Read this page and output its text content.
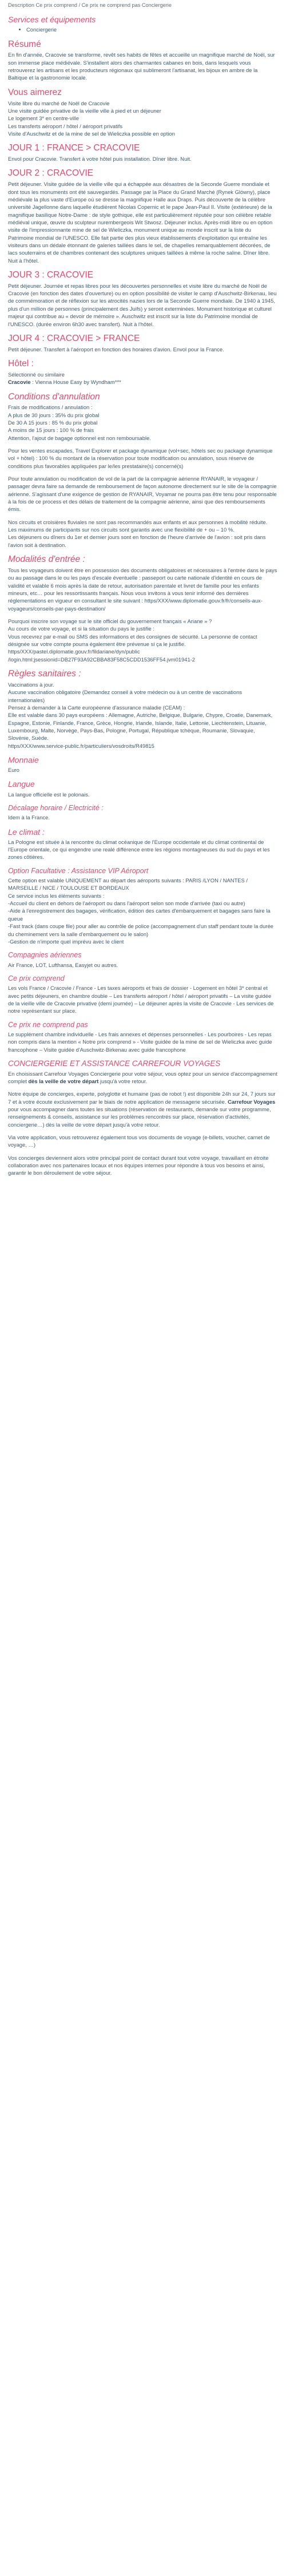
Description Ce prix comprend / Ce prix ne comprend pas Conciergerie
Services et équipements
• Conciergerie
Résumé

En fin d'année, Cracovie se transforme, revêt ses habits de fêtes et accueille un magnifique marché de Noël, sur son immense place médiévale. S'installent alors des charmantes cabanes en bois, dans lesquels vous retrouverez les artisans et les producteurs régionaux qui sublimeront l'artisanat, les bijoux en ambre de la Baltique et la gastronomie locale.

Vous aimerez

Visite libre du marché de Noël de Cracovie
Une visite guidée privative de la vieille ville à pied et un déjeuner
Le logement 3* en centre-ville
Les transferts aéroport / hôtel / aéroport privatifs
Visite d'Auschwitz et de la mine de sel de Wieliczka possible en option

JOUR 1 : FRANCE > CRACOVIE

Envol pour Cracovie. Transfert à votre hôtel puis installation. Dîner libre. Nuit.

JOUR 2 : CRACOVIE

Petit déjeuner. Visite guidée de la vieille ville qui a échappée aux désastres de la Seconde Guerre mondiale et dont tous les monuments ont été sauvegardés. Passage par la Place du Grand Marché (Rynek Glówny), place médiévale la plus vaste d'Europe où se dresse la magnifique Halle aux Draps. Puis découverte de la célèbre université Jagellonne dans laquelle étudièrent Nicolas Copernic et le pape Jean-Paul II. Visite (extérieure) de la magnifique basilique Notre-Dame : de style gothique, elle est particulièrement réputée pour son célèbre retable médiéval unique, œuvre du sculpteur nurembergeois Wit Stwosz. Déjeuner inclus. Après-midi libre ou en option visite de l'impressionnante mine de sel de Wieliczka, monument unique au monde inscrit sur la liste du Patrimoine mondial de l'UNESCO. Elle fait partie des plus vieux établissements d'exploitation qui entraîne les visiteurs dans un dédale étonnant de galeries taillées dans le sel, de chapelles remarquablement décorées, de lacs souterrains et de chambres contenant des sculptures uniques taillées à même la roche saline. Dîner libre. Nuit à l'hôtel.

JOUR 3 : CRACOVIE

Petit déjeuner. Journée et repas libres pour les découvertes personnelles et visite libre du marché de Noël de Cracovie (en fonction des dates d'ouverture) ou en option possibilité de visiter le camp d'Auschwitz-Birkenau, lieu de commémoration et de réflexion sur les atrocités nazies lors de la Seconde Guerre mondiale. De 1940 à 1945, plus d'un million de personnes (principalement des Juifs) y seront exterminées. Monument historique et culturel majeur qui contribue au « devoir de mémoire ». Auschwitz est inscrit sur la liste du Patrimoine mondial de l'UNESCO. (durée environ 6h30 avec transfert). Nuit à l'hôtel.

JOUR 4 : CRACOVIE > FRANCE

Petit déjeuner. Transfert à l'aéroport en fonction des horaires d'avion. Envol pour la France.

Hôtel :

Sélectionné ou similaire
Cracovie : Vienna House Easy by Wyndham***

Conditions d'annulation

Frais de modifications / annulation :
A plus de 30 jours : 35% du prix global
De 30 A 15 jours : 85 % du prix global
A moins de 15 jours : 100 % de frais
Attention, l'ajout de bagage optionnel est non remboursable.

Pour les ventes escapades, Travel Explorer et package dynamique (vol+sec, hôtels sec ou package dynamique vol + hôtel) : 100 % du montant de la réservation pour toute modification ou annulation, sous réserve de conditions plus favorables appliquées par le/les prestataire(s) concerné(s)

Pour toute annulation ou modification de vol de la part de la compagnie aérienne RYANAIR, le voyageur / passager devra faire sa demande de remboursement de façon autonome directement sur le site de la compagnie aérienne. S'agissant d'une exigence de gestion de RYANAIR, Voyamar ne pourra pas être tenu pour responsable à la fois de ce process et des délais de traitement de la compagnie aérienne, ainsi que des remboursements émis.

Nos circuits et croisières fluviales ne sont pas recommandés aux enfants et aux personnes à mobilité réduite.
Les maximums de participants sur nos circuits sont garantis avec une flexibilité de + ou – 10 %.
Les déjeuners ou dîners du 1er et dernier jours sont en fonction de l'heure d'arrivée de l'avion : soit pris dans l'avion soit à destination.

Modalités d'entrée :

Tous les voyageurs doivent être en possession des documents obligatoires et nécessaires à l'entrée dans le pays ou au passage dans le ou les pays d'escale éventuelle : passeport ou carte nationale d'identité en cours de validité et valable 6 mois après la date de retour, autorisation parentale et livret de famille pour les enfants mineurs, etc… pour les ressortissants français. Nous vous invitons à vous tenir informé des dernières réglementations en vigueur en consultant le site suivant : https/XXX/www.diplomatie.gouv.fr/fr/conseils-aux-voyageurs/conseils-par-pays-destination/

Pourquoi inscrire son voyage sur le site officiel du gouvernement français « Ariane » ?
Au cours de votre voyage, et si la situation du pays le justifie :
Vous recevrez par e-mail ou SMS des informations et des consignes de sécurité. La personne de contact désignée sur votre compte pourra également être prévenue si ça le justifie.
https/XXX/pastel.diplomatie.gouv.fr/fildariane/dyn/public /login.html;jsessionid=DB27F93A92CBBA83F58C5CDD1536FF54.jvm01941-2

Règles sanitaires :

Vaccinations à jour.
Aucune vaccination obligatoire (Demandez conseil à votre médecin ou à un centre de vaccinations internationales)
Pensez à demander à la Carte européenne d'assurance maladie (CEAM) :
Elle est valable dans 30 pays européens : Allemagne, Autriche, Belgique, Bulgarie, Chypre, Croatie, Danemark, Espagne, Estonie, Finlande, France, Grèce, Hongrie, Irlande, Islande, Italie, Lettonie, Liechtenstein, Lituanie, Luxembourg, Malte, Norvège, Pays-Bas, Pologne, Portugal, République tchèque, Roumanie, Slovaquie, Slovénie, Suède.
https/XXX/www.service-public.fr/particuliers/vosdroits/R49815

Monnaie

Euro

Langue

La langue officielle est le polonais.

Décalage horaire / Electricité :

Idem à la France.

Le climat :

La Pologne est située à la rencontre du climat océanique de l'Europe occidentale et du climat continental de l'Europe orientale, ce qui engendre une realé différence entre les régions montagneuses du sud du pays et les zones côtières.

Option Facultative : Assistance VIP Aéroport

Cette option est valable UNIQUEMENT au départ des aéroports suivants : PARIS /LYON / NANTES / MARSEILLE / NICE / TOULOUSE ET BORDEAUX
Ce service inclus les éléments suivants :
-Accueil du client en dehors de l'aéroport ou dans l'aéroport selon son mode d'arrivée (taxi ou autre)
-Aide à l'enregistrement des bagages, vérification, édition des cartes d'embarquement et bagages sans faire la queue
-Fast track (dans coupe file) pour aller au contrôle de police (accompagnement d'un staff pendant toute la durée du cheminement vers la salle d'embarquement ou le salon)
-Gestion de n'importe quel imprévu avec le client

Compagnies aériennes

Air France, LOT, Lufthansa, Easyjet ou autres.

Ce prix comprend

Les vols France / Cracovie / France - Les taxes aéroports et frais de dossier - Logement en hôtel 3* central et avec petits déjeuners, en chambre double – Les transferts aéroport / hôtel / aéroport privatifs – La visite guidée de la vieille ville de Cracovie privative (demi journée) – Le déjeuner après la visite de Cracovie - Les services de notre représentant sur place.

Ce prix ne comprend pas

Le supplément chambre individuelle - Les frais annexes et dépenses personnelles - Les pourboires - Les repas non compris dans la mention « Notre prix comprend » - Visite guidée de la mine de sel de Wieliczka avec guide francophone – Visite guidée d'Auschwitz-Birkenau avec guide francophone

CONCIERGERIE ET ASSISTANCE CARREFOUR VOYAGES

En choisissant Carrefour Voyages Conciergerie pour votre séjour, vous optez pour un service d'accompagnement complet dès la veille de votre départ jusqu'à votre retour.

Notre équipe de concierges, experte, polyglotte et humaine (pas de robot !) est disponible 24h sur 24, 7 jours sur 7 et à votre écoute exclusivement par le biais de notre application de messagerie sécurisée. Carrefour Voyages pour vous accompagner dans toutes les situations (réservation de restaurants, demande sur votre programme, renseignements & conseils, assistance sur les problèmes rencontrés sur place, réservation d'activités, conciergerie…) dès la veille de votre départ jusqu'à votre retour.

Via votre application, vous retrouverez également tous vos documents de voyage (e-billets, voucher, carnet de voyage, …)

Vos concierges deviennent alors votre principal point de contact durant tout votre voyage, travaillant en étroite collaboration avec nos partenaires locaux et nos équipes internes pour répondre à tous vos besoins et ainsi, garantir le bon déroulement de votre séjour.
